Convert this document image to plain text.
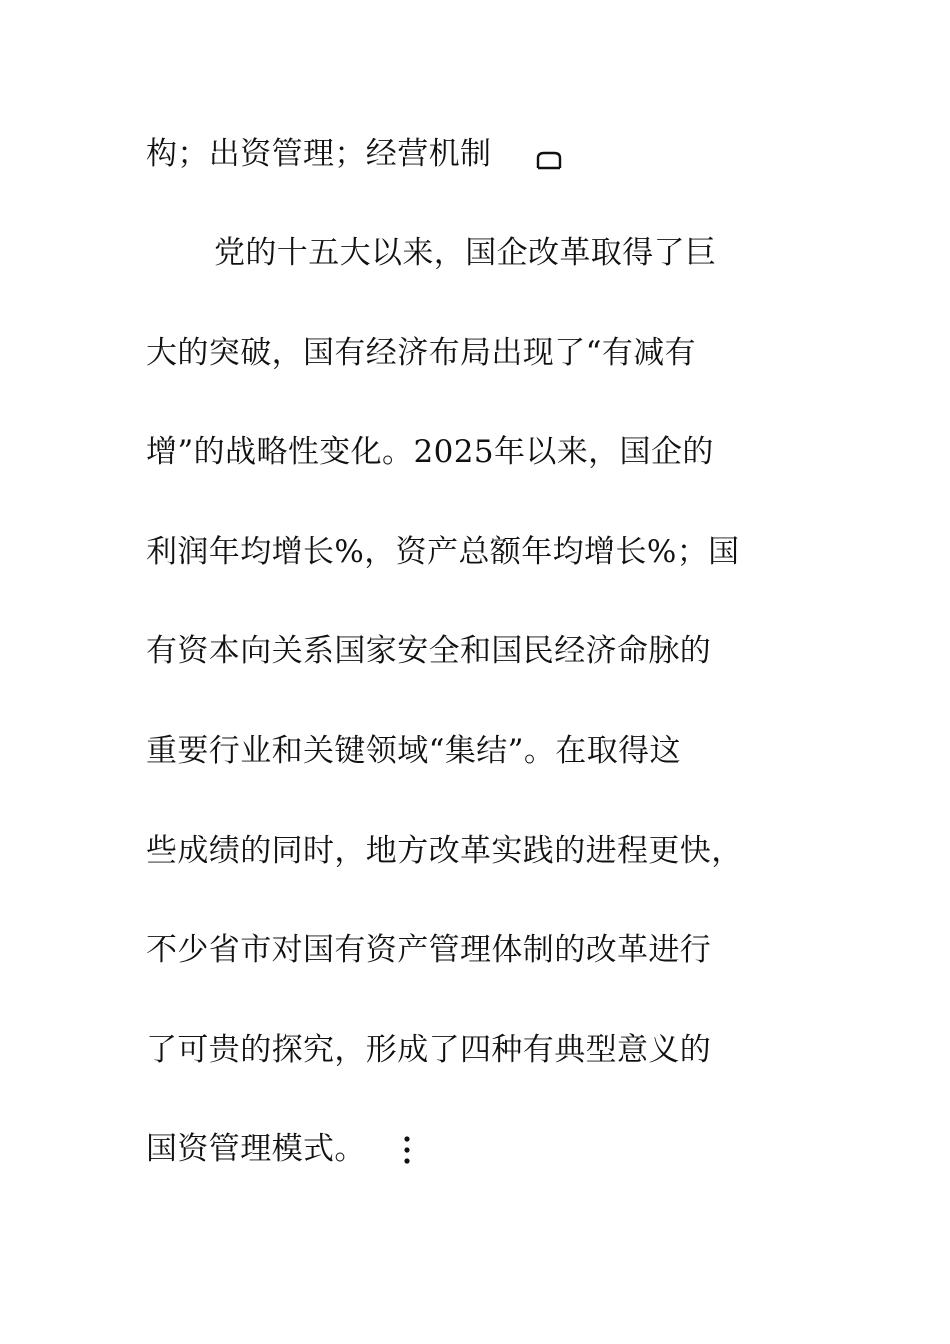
构；出资管理；经营机制
党的十五大以来，国企改革取得了巨
大的突破，国有经济布局出现了“有减有
增”的战略性变化。2025年以来，国企的
利润年均增长%，资产总额年均增长%；国
有资本向关系国家安全和国民经济命脉的
重要行业和关键领域“集结”。在取得这
些成绩的同时，地方改革实践的进程更快，
不少省市对国有资产管理体制的改革进行
了可贵的探究，形成了四种有典型意义的
国资管理模式。
